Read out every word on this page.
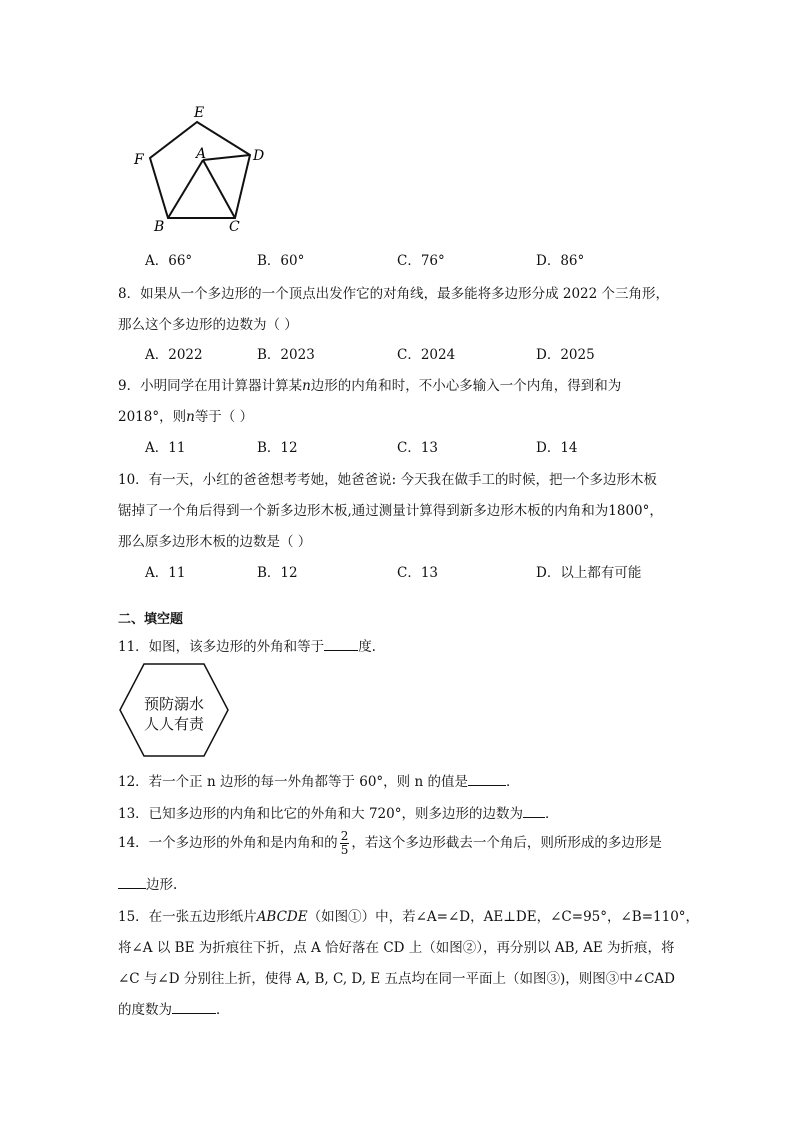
E
F	A	D
B	C
A．66°	B．60°	C．76°	D．86°
8．如果从一个多边形的一个顶点出发作它的对角线，最多能将多边形分成 2022 个三角形，
那么这个多边形的边数为（ ）
A．2022	B．2023	C．2024	D．2025
9．小明同学在用计算器计算某n边形的内角和时，不小心多输入一个内角，得到和为
2018°，则n等于（ ）
A．11	B．12	C．13	D．14
10．有一天，小红的爸爸想考考她，她爸爸说: 今天我在做手工的时候，把一个多边形木板
锯掉了一个角后得到一个新多边形木板,通过测量计算得到新多边形木板的内角和为1800°，
那么原多边形木板的边数是（ ）
A．11	B．12	C．13	D．以上都有可能
二、填空题
11．如图，该多边形的外角和等于	度.
预防溺水
人人有责
12．若一个正 n 边形的每一外角都等于 60°，则 n 的值是	．
13．已知多边形的内角和比它的外角和大 720°，则多边形的边数为 ．
14．一个多边形的外角和是内角和的 $\frac{2}{5}$ ，若这个多边形截去一个角后，则所形成的多边形是
边形.
15．在一张五边形纸片ABCDE（如图①）中，若∠A=∠D，AE⊥DE，∠C=95°，∠B=110°，
将∠A 以 BE 为折痕往下折，点 A 恰好落在 CD 上（如图②），再分别以 AB, AE 为折痕，将
∠C 与∠D 分别往上折，使得 A, B, C, D, E 五点均在同一平面上（如图③)，则图③中∠CAD
的度数为	．
